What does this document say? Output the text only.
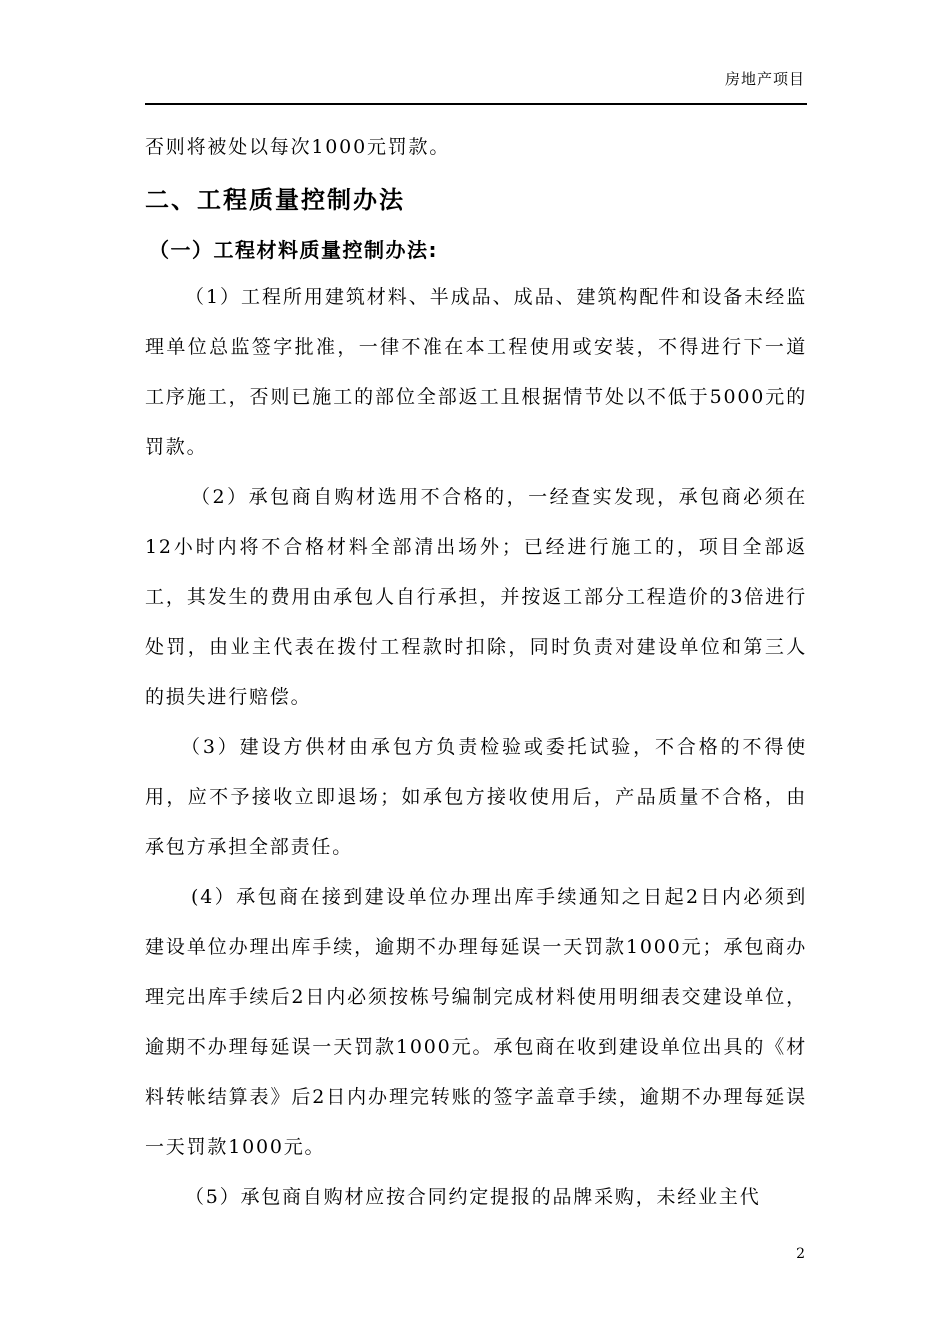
房地产项目

否则将被处以每次1000元罚款。

二、工程质量控制办法
（一）工程材料质量控制办法:

（1）工程所用建筑材料、半成品、成品、建筑构配件和设备未经监理单位总监签字批准，一律不准在本工程使用或安装，不得进行下一道工序施工，否则已施工的部位全部返工且根据情节处以不低于5000元的罚款。

（2）承包商自购材选用不合格的，一经查实发现，承包商必须在12小时内将不合格材料全部清出场外；已经进行施工的，项目全部返工，其发生的费用由承包人自行承担，并按返工部分工程造价的3倍进行处罚，由业主代表在拨付工程款时扣除，同时负责对建设单位和第三人的损失进行赔偿。

（3）建设方供材由承包方负责检验或委托试验，不合格的不得使用，应不予接收立即退场；如承包方接收使用后，产品质量不合格，由承包方承担全部责任。

(4）承包商在接到建设单位办理出库手续通知之日起2日内必须到建设单位办理出库手续，逾期不办理每延误一天罚款1000元；承包商办理完出库手续后2日内必须按栋号编制完成材料使用明细表交建设单位，逾期不办理每延误一天罚款1000元。承包商在收到建设单位出具的《材料转帐结算表》后2日内办理完转账的签字盖章手续，逾期不办理每延误一天罚款1000元。

（5）承包商自购材应按合同约定提报的品牌采购，未经业主代

2
